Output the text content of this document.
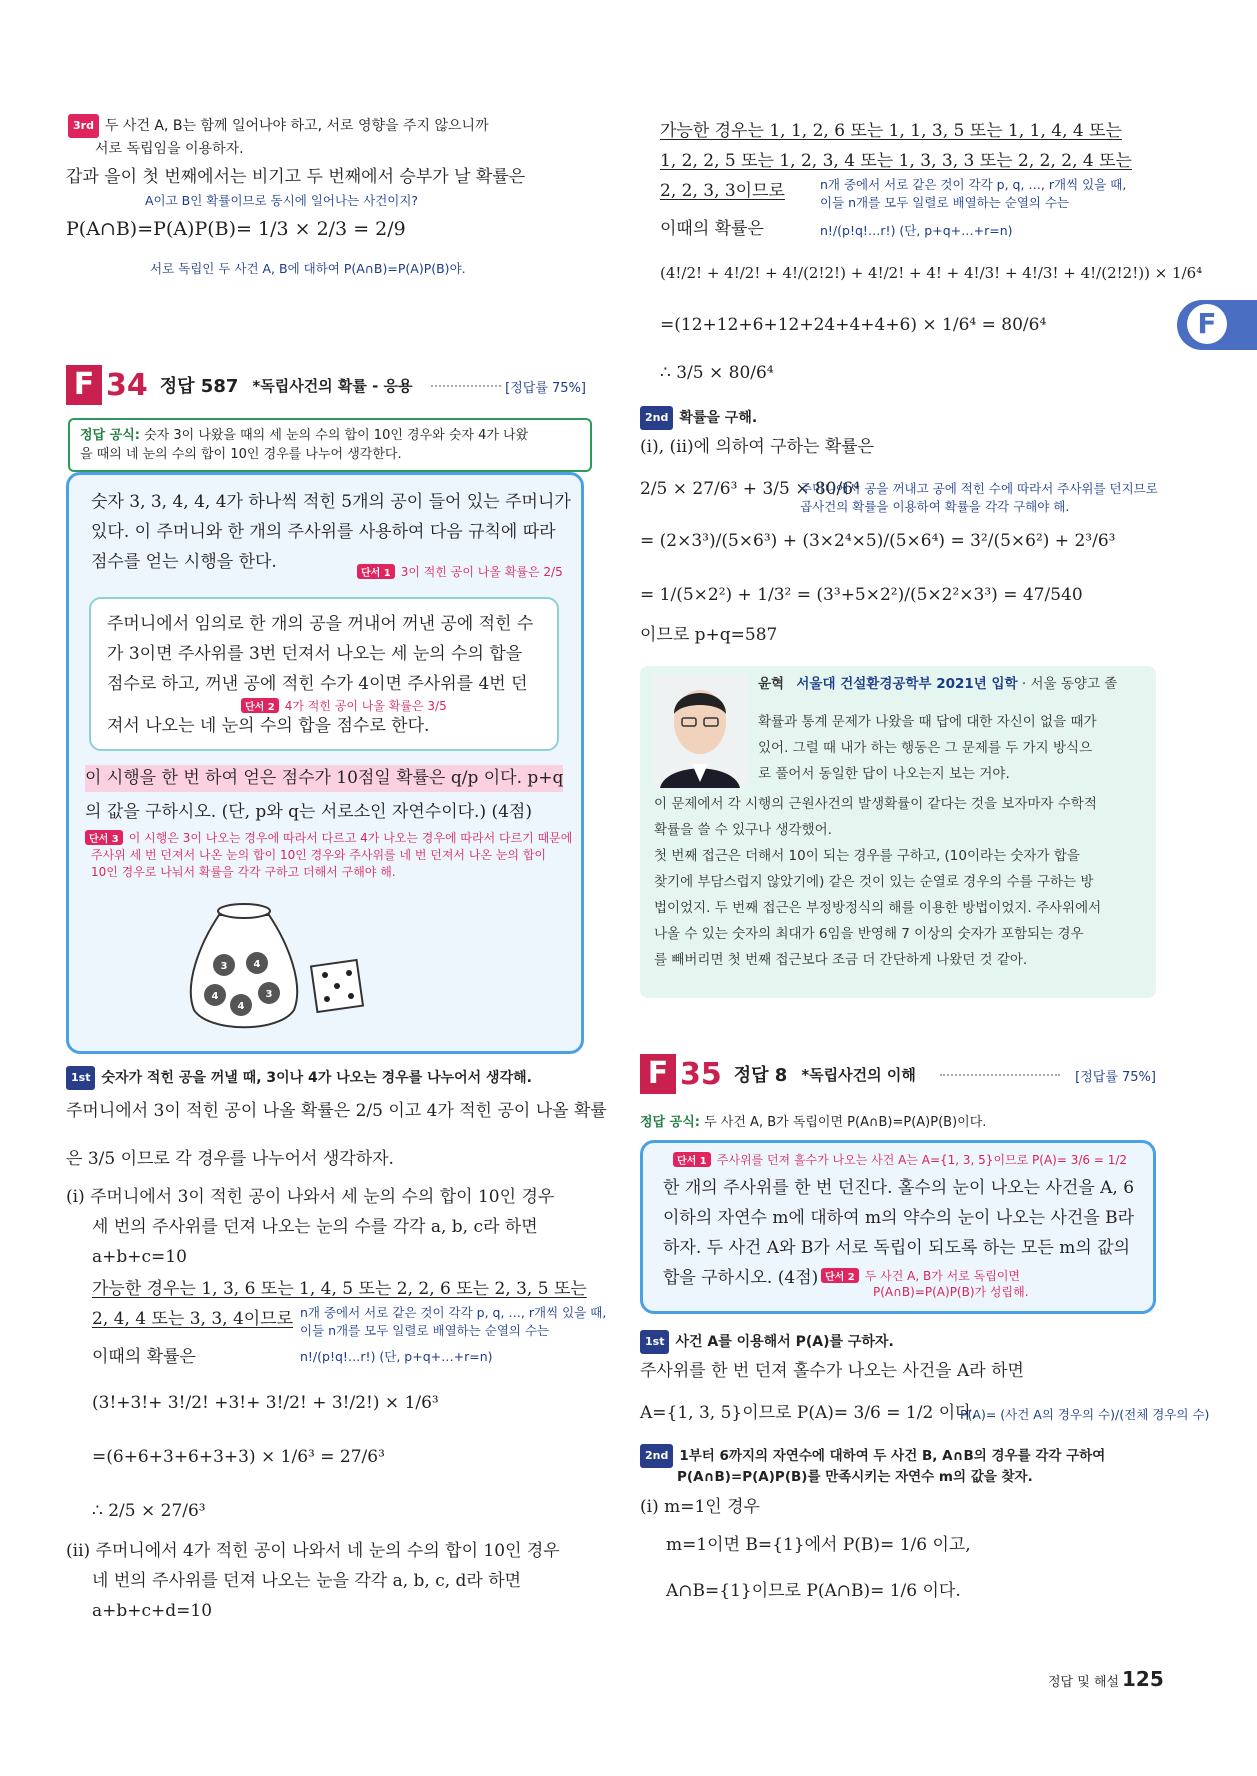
F
3rd 두 사건 A, B는 함께 일어나야 하고, 서로 영향을 주지 않으니까
서로 독립임을 이용하자.
갑과 을이 첫 번째에서는 비기고 두 번째에서 승부가 날 확률은
A이고 B인 확률이므로 동시에 일어나는 사건이지?
P(A∩B)=P(A)P(B)= 1/3 × 2/3 = 2/9
서로 독립인 두 사건 A, B에 대하여 P(A∩B)=P(A)P(B)야.
F 34 정답 587 *독립사건의 확률 - 응용	[정답률 75%]
정답 공식: 숫자 3이 나왔을 때의 세 눈의 수의 합이 10인 경우와 숫자 4가 나왔
을 때의 네 눈의 수의 합이 10인 경우를 나누어 생각한다.
숫자 3, 3, 4, 4, 4가 하나씩 적힌 5개의 공이 들어 있는 주머니가
있다. 이 주머니와 한 개의 주사위를 사용하여 다음 규칙에 따라
점수를 얻는 시행을 한다.
단서 1 3이 적힌 공이 나올 확률은 2/5
주머니에서 임의로 한 개의 공을 꺼내어 꺼낸 공에 적힌 수
가 3이면 주사위를 3번 던져서 나오는 세 눈의 수의 합을
점수로 하고, 꺼낸 공에 적힌 수가 4이면 주사위를 4번 던
단서 2 4가 적힌 공이 나올 확률은 3/5
져서 나오는 네 눈의 수의 합을 점수로 한다.
이 시행을 한 번 하여 얻은 점수가 10점일 확률은 q/p 이다. p+q
의 값을 구하시오. (단, p와 q는 서로소인 자연수이다.) (4점)
단서 3 이 시행은 3이 나오는 경우에 따라서 다르고 4가 나오는 경우에 따라서 다르기 때문에
주사위 세 번 던져서 나온 눈의 합이 10인 경우와 주사위를 네 번 던져서 나온 눈의 합이
10인 경우로 나눠서 확률을 각각 구하고 더해서 구해야 해.
3	4
4	3
4
1st 숫자가 적힌 공을 꺼낼 때, 3이나 4가 나오는 경우를 나누어서 생각해.
주머니에서 3이 적힌 공이 나올 확률은 2/5 이고 4가 적힌 공이 나올 확률
은 3/5 이므로 각 경우를 나누어서 생각하자.
(i) 주머니에서 3이 적힌 공이 나와서 세 눈의 수의 합이 10인 경우
세 번의 주사위를 던져 나오는 눈의 수를 각각 a, b, c라 하면
a+b+c=10
가능한 경우는 1, 3, 6 또는 1, 4, 5 또는 2, 2, 6 또는 2, 3, 5 또는
2, 4, 4 또는 3, 3, 4이므로 n개 중에서 서로 같은 것이 각각 p, q, …, r개씩 있을 때,
이들 n개를 모두 일렬로 배열하는 순열의 수는
이때의 확률은	n!/(p!q!…r!) (단, p+q+…+r=n)
(3!+3!+ 3!/2! +3!+ 3!/2! + 3!/2!) × 1/6³
=(6+6+3+6+3+3) × 1/6³ = 27/6³
∴ 2/5 × 27/6³
(ii) 주머니에서 4가 적힌 공이 나와서 네 눈의 수의 합이 10인 경우
네 번의 주사위를 던져 나오는 눈을 각각 a, b, c, d라 하면
a+b+c+d=10
가능한 경우는 1, 1, 2, 6 또는 1, 1, 3, 5 또는 1, 1, 4, 4 또는
1, 2, 2, 5 또는 1, 2, 3, 4 또는 1, 3, 3, 3 또는 2, 2, 2, 4 또는
2, 2, 3, 3이므로	n개 중에서 서로 같은 것이 각각 p, q, …, r개씩 있을 때,
이들 n개를 모두 일렬로 배열하는 순열의 수는
이때의 확률은	n!/(p!q!…r!) (단, p+q+…+r=n)
(4!/2! + 4!/2! + 4!/(2!2!) + 4!/2! + 4! + 4!/3! + 4!/3! + 4!/(2!2!)) × 1/6⁴
=(12+12+6+12+24+4+4+6) × 1/6⁴ = 80/6⁴
∴ 3/5 × 80/6⁴
2nd 확률을 구해.
(i), (ii)에 의하여 구하는 확률은
2/5 × 27/6³ + 3/5 × 80/6⁴
주머니에서 공을 꺼내고 공에 적힌 수에 따라서 주사위를 던지므로
곱사건의 확률을 이용하여 확률을 각각 구해야 해.
= (2×3³)/(5×6³) + (3×2⁴×5)/(5×6⁴) = 3²/(5×6²) + 2³/6³
= 1/(5×2²) + 1/3² = (3³+5×2²)/(5×2²×3³) = 47/540
이므로 p+q=587
윤혁 서울대 건설환경공학부 2021년 입학 · 서울 동양고 졸
확률과 통계 문제가 나왔을 때 답에 대한 자신이 없을 때가
있어. 그럴 때 내가 하는 행동은 그 문제를 두 가지 방식으
로 풀어서 동일한 답이 나오는지 보는 거야.
이 문제에서 각 시행의 근원사건의 발생확률이 같다는 것을 보자마자 수학적
확률을 쓸 수 있구나 생각했어.
첫 번째 접근은 더해서 10이 되는 경우를 구하고, (10이라는 숫자가 합을
찾기에 부담스럽지 않았기에) 같은 것이 있는 순열로 경우의 수를 구하는 방
법이었지. 두 번째 접근은 부정방정식의 해를 이용한 방법이었지. 주사위에서
나올 수 있는 숫자의 최대가 6임을 반영해 7 이상의 숫자가 포함되는 경우
를 빼버리면 첫 번째 접근보다 조금 더 간단하게 나왔던 것 같아.
F 35 정답 8 *독립사건의 이해	[정답률 75%]
정답 공식: 두 사건 A, B가 독립이면 P(A∩B)=P(A)P(B)이다.
단서 1 주사위를 던져 홀수가 나오는 사건 A는 A={1, 3, 5}이므로 P(A)= 3/6 = 1/2
한 개의 주사위를 한 번 던진다. 홀수의 눈이 나오는 사건을 A, 6
이하의 자연수 m에 대하여 m의 약수의 눈이 나오는 사건을 B라
하자. 두 사건 A와 B가 서로 독립이 되도록 하는 모든 m의 값의
합을 구하시오. (4점) 단서 2 두 사건 A, B가 서로 독립이면
P(A∩B)=P(A)P(B)가 성립해.
1st 사건 A를 이용해서 P(A)를 구하자.
주사위를 한 번 던져 홀수가 나오는 사건을 A라 하면
A={1, 3, 5}이므로 P(A)= 3/6 = 1/2 이다.
P(A)= (사건 A의 경우의 수)/(전체 경우의 수)
2nd 1부터 6까지의 자연수에 대하여 두 사건 B, A∩B의 경우를 각각 구하여
P(A∩B)=P(A)P(B)를 만족시키는 자연수 m의 값을 찾자.
(i) m=1인 경우
m=1이면 B={1}에서 P(B)= 1/6 이고,
A∩B={1}이므로 P(A∩B)= 1/6 이다.
정답 및 해설 125
